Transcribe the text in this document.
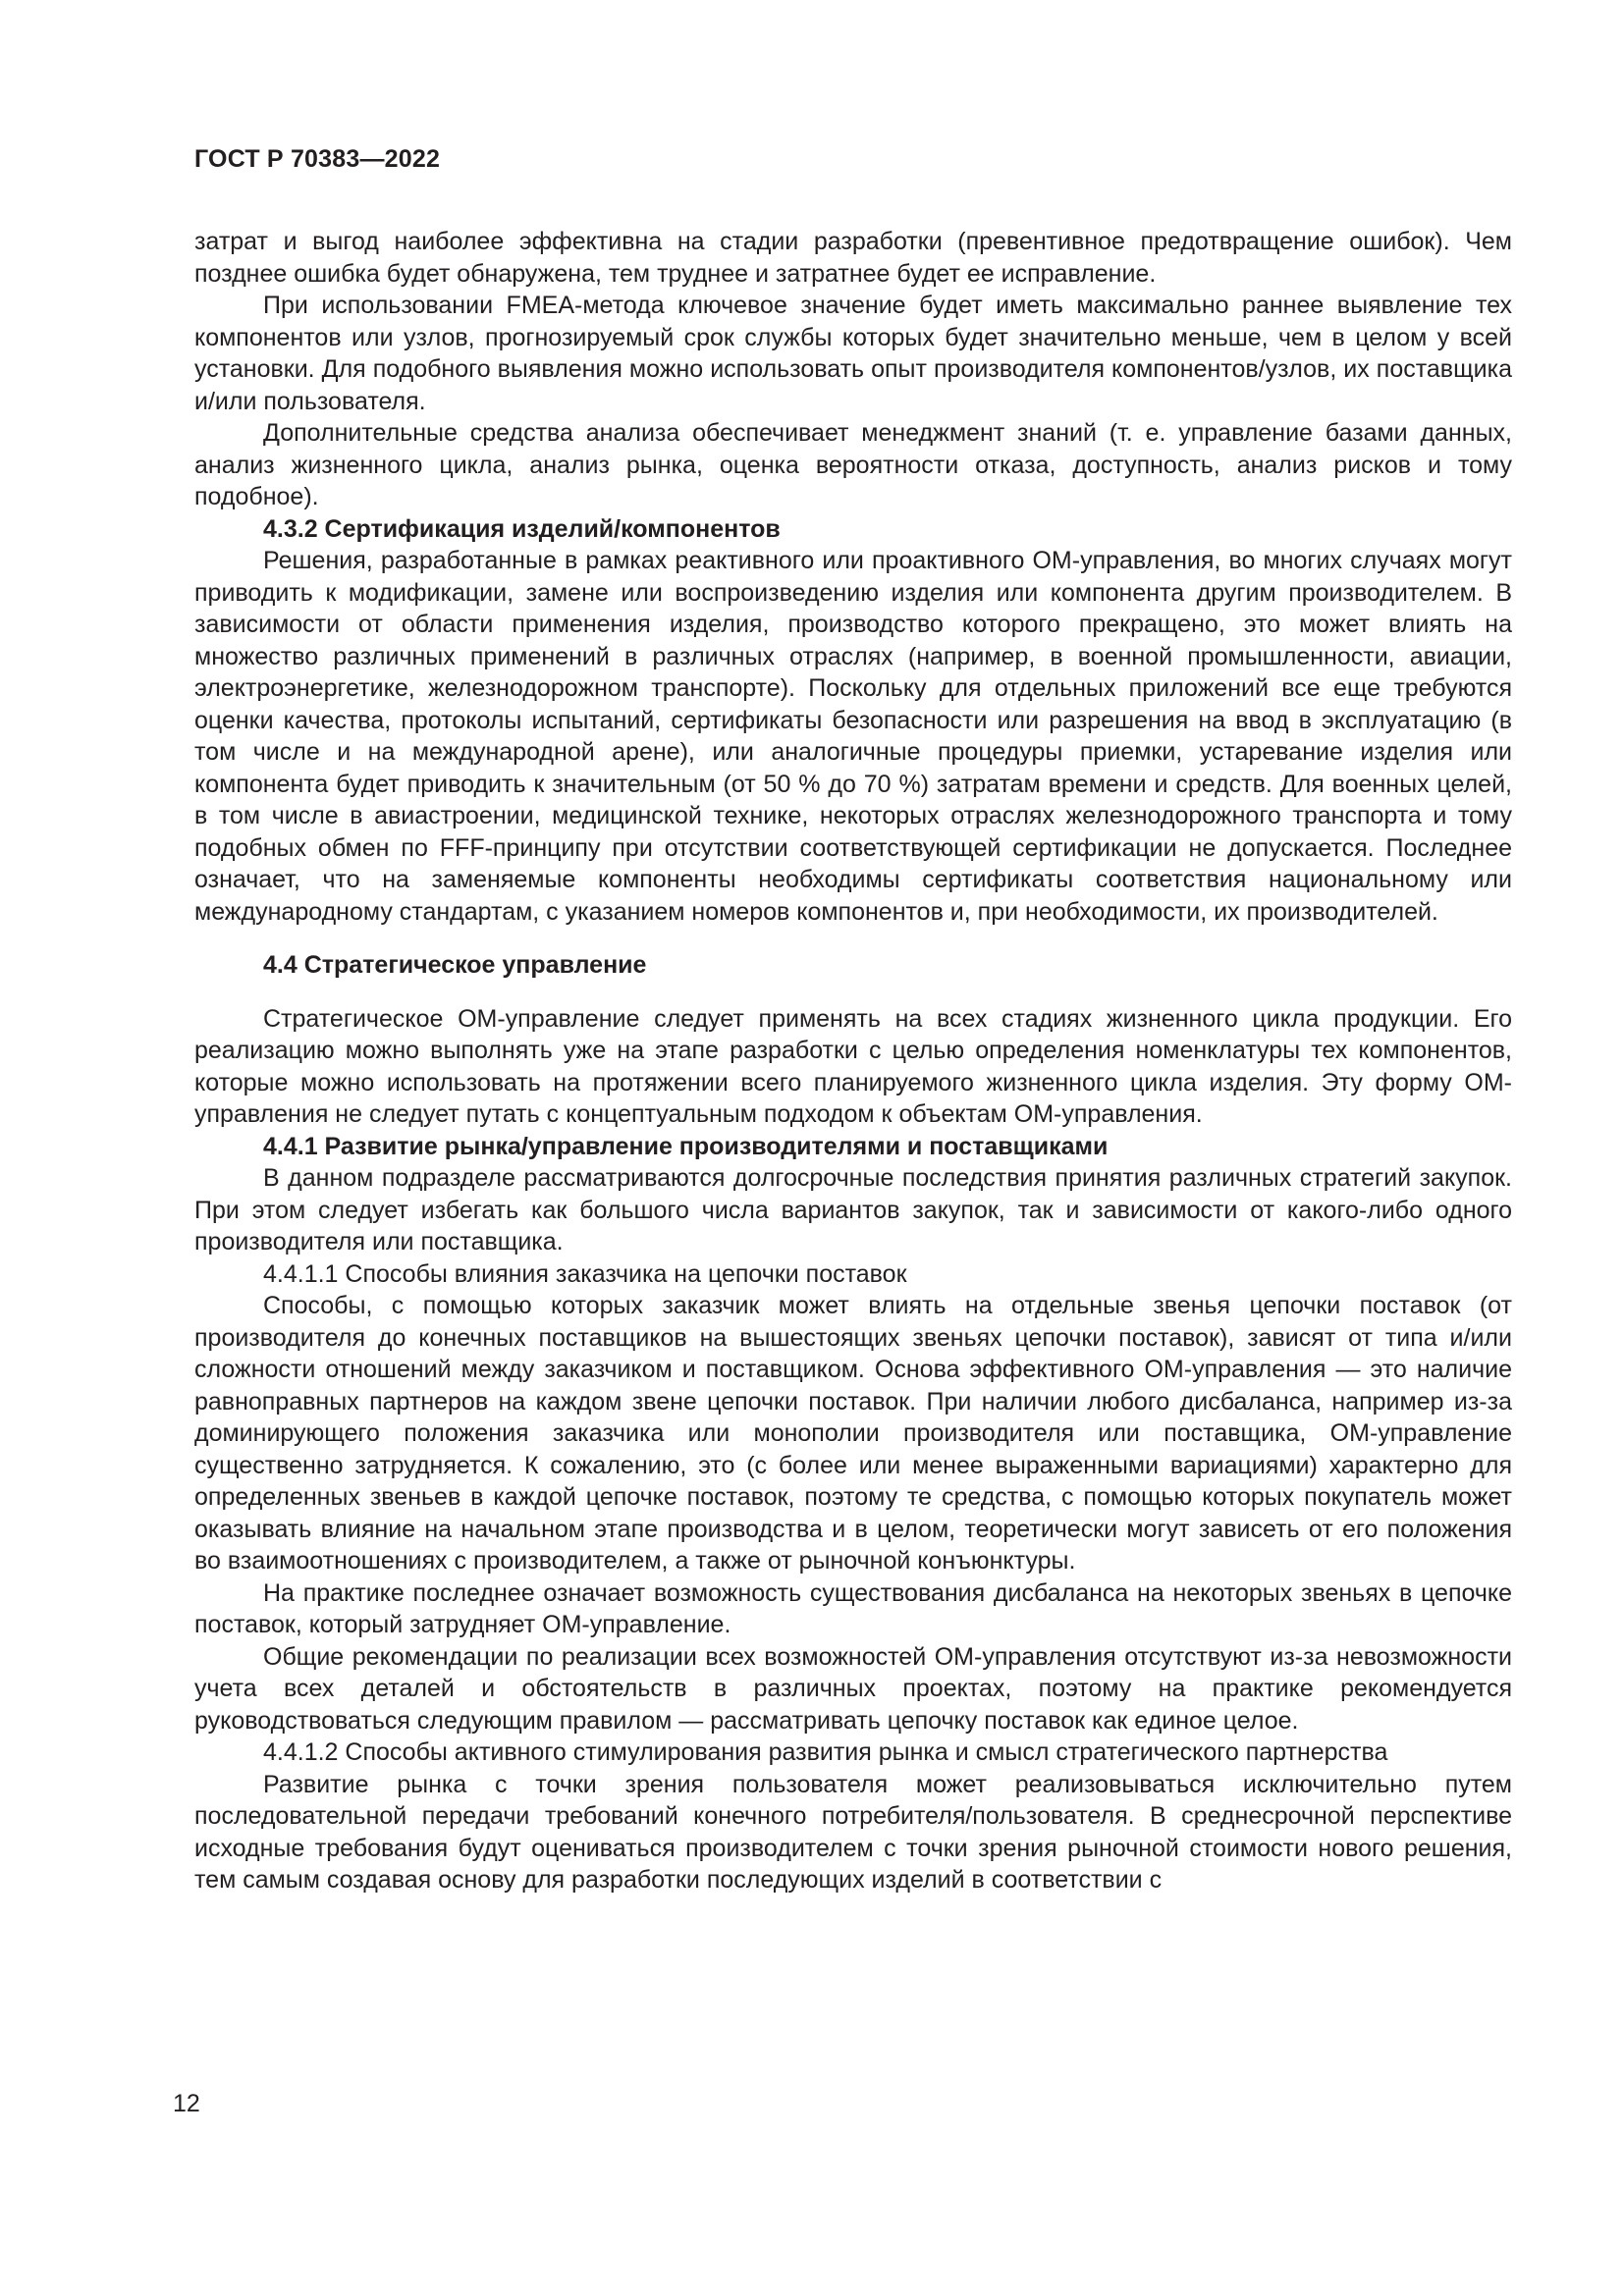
ГОСТ Р 70383—2022

затрат и выгод наиболее эффективна на стадии разработки (превентивное предотвращение ошибок). Чем позднее ошибка будет обнаружена, тем труднее и затратнее будет ее исправление.

При использовании FMEA-метода ключевое значение будет иметь максимально раннее выявление тех компонентов или узлов, прогнозируемый срок службы которых будет значительно меньше, чем в целом у всей установки. Для подобного выявления можно использовать опыт производителя компонентов/узлов, их поставщика и/или пользователя.

Дополнительные средства анализа обеспечивает менеджмент знаний (т. е. управление базами данных, анализ жизненного цикла, анализ рынка, оценка вероятности отказа, доступность, анализ рисков и тому подобное).

4.3.2 Сертификация изделий/компонентов

Решения, разработанные в рамках реактивного или проактивного ОМ-управления, во многих случаях могут приводить к модификации, замене или воспроизведению изделия или компонента другим производителем. В зависимости от области применения изделия, производство которого прекращено, это может влиять на множество различных применений в различных отраслях (например, в военной промышленности, авиации, электроэнергетике, железнодорожном транспорте). Поскольку для отдельных приложений все еще требуются оценки качества, протоколы испытаний, сертификаты безопасности или разрешения на ввод в эксплуатацию (в том числе и на международной арене), или аналогичные процедуры приемки, устаревание изделия или компонента будет приводить к значительным (от 50 % до 70 %) затратам времени и средств. Для военных целей, в том числе в авиастроении, медицинской технике, некоторых отраслях железнодорожного транспорта и тому подобных обмен по FFF-принципу при отсутствии соответствующей сертификации не допускается. Последнее означает, что на заменяемые компоненты необходимы сертификаты соответствия национальному или международному стандартам, с указанием номеров компонентов и, при необходимости, их производителей.

4.4 Стратегическое управление

Стратегическое ОМ-управление следует применять на всех стадиях жизненного цикла продукции. Его реализацию можно выполнять уже на этапе разработки с целью определения номенклатуры тех компонентов, которые можно использовать на протяжении всего планируемого жизненного цикла изделия. Эту форму ОМ-управления не следует путать с концептуальным подходом к объектам ОМ-управления.

4.4.1 Развитие рынка/управление производителями и поставщиками

В данном подразделе рассматриваются долгосрочные последствия принятия различных стратегий закупок. При этом следует избегать как большого числа вариантов закупок, так и зависимости от какого-либо одного производителя или поставщика.

4.4.1.1 Способы влияния заказчика на цепочки поставок

Способы, с помощью которых заказчик может влиять на отдельные звенья цепочки поставок (от производителя до конечных поставщиков на вышестоящих звеньях цепочки поставок), зависят от типа и/или сложности отношений между заказчиком и поставщиком. Основа эффективного ОМ-управления — это наличие равноправных партнеров на каждом звене цепочки поставок. При наличии любого дисбаланса, например из-за доминирующего положения заказчика или монополии производителя или поставщика, ОМ-управление существенно затрудняется. К сожалению, это (с более или менее выраженными вариациями) характерно для определенных звеньев в каждой цепочке поставок, поэтому те средства, с помощью которых покупатель может оказывать влияние на начальном этапе производства и в целом, теоретически могут зависеть от его положения во взаимоотношениях с производителем, а также от рыночной конъюнктуры.

На практике последнее означает возможность существования дисбаланса на некоторых звеньях в цепочке поставок, который затрудняет ОМ-управление.

Общие рекомендации по реализации всех возможностей ОМ-управления отсутствуют из-за невозможности учета всех деталей и обстоятельств в различных проектах, поэтому на практике рекомендуется руководствоваться следующим правилом — рассматривать цепочку поставок как единое целое.

4.4.1.2 Способы активного стимулирования развития рынка и смысл стратегического партнерства

Развитие рынка с точки зрения пользователя может реализовываться исключительно путем последовательной передачи требований конечного потребителя/пользователя. В среднесрочной перспективе исходные требования будут оцениваться производителем с точки зрения рыночной стоимости нового решения, тем самым создавая основу для разработки последующих изделий в соответствии с

12
